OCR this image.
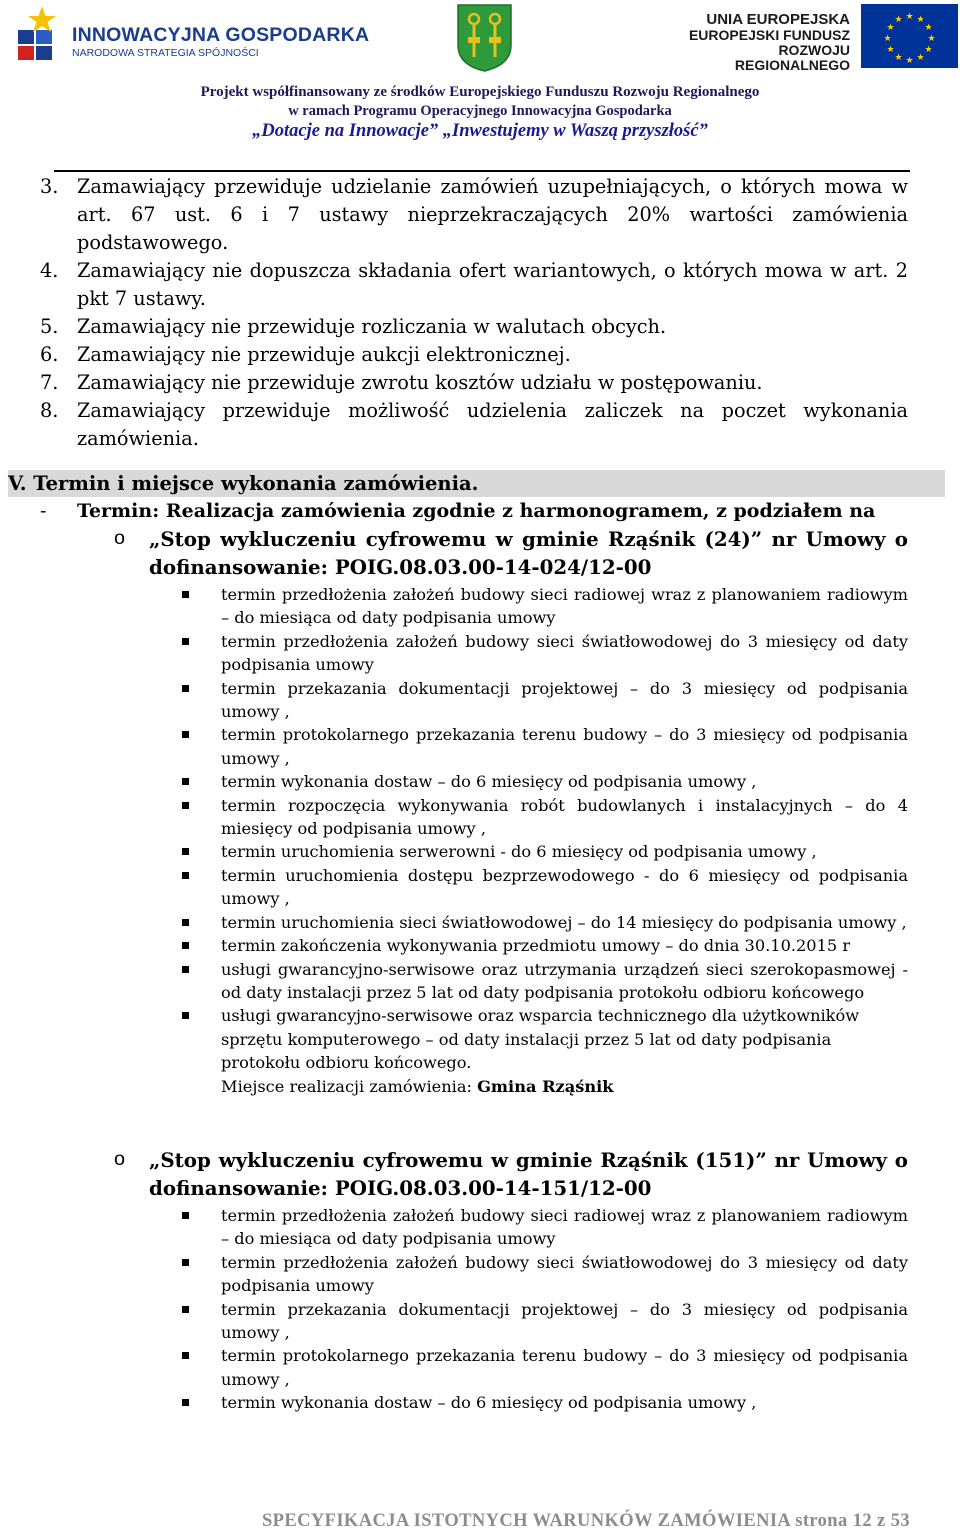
INNOWACYJNA GOSPODARKA
NARODOWA STRATEGIA SPÓJNOŚCI
UNIA EUROPEJSKA
EUROPEJSKI FUNDUSZ
ROZWOJU REGIONALNEGO
★ ★
★
★
★
★
★
★
★
★
★
★
Projekt współfinansowany ze środków Europejskiego Funduszu Rozwoju Regionalnego
w ramach Programu Operacyjnego Innowacyjna Gospodarka
„Dotacje na Innowacje” „Inwestujemy w Waszą przyszłość”
3. Zamawiający przewiduje udzielanie zamówień uzupełniających, o których mowa w art. 67 ust. 6 i 7 ustawy nieprzekraczających 20% wartości zamówienia podstawowego.
4. Zamawiający nie dopuszcza składania ofert wariantowych, o których mowa w art. 2 pkt 7 ustawy.
5. Zamawiający nie przewiduje rozliczania w walutach obcych.
6. Zamawiający nie przewiduje aukcji elektronicznej.
7. Zamawiający nie przewiduje zwrotu kosztów udziału w postępowaniu.
8. Zamawiający przewiduje możliwość udzielenia zaliczek na poczet wykonania zamówienia.
V. Termin i miejsce wykonania zamówienia.
- Termin: Realizacja zamówienia zgodnie z harmonogramem, z podziałem na
o „Stop wykluczeniu cyfrowemu w gminie Rząśnik (24)” nr Umowy o dofinansowanie: POIG.08.03.00-14-024/12-00
termin przedłożenia założeń budowy sieci radiowej wraz z planowaniem radiowym – do miesiąca od daty podpisania umowy
termin przedłożenia założeń budowy sieci światłowodowej do 3 miesięcy od daty podpisania umowy
termin przekazania dokumentacji projektowej – do 3 miesięcy od podpisania umowy ,
termin protokolarnego przekazania terenu budowy – do 3 miesięcy od podpisania umowy ,
termin wykonania dostaw – do 6 miesięcy od podpisania umowy ,
termin rozpoczęcia wykonywania robót budowlanych i instalacyjnych – do 4 miesięcy od podpisania umowy ,
termin uruchomienia serwerowni - do 6 miesięcy od podpisania umowy ,
termin uruchomienia dostępu bezprzewodowego - do 6 miesięcy od podpisania umowy ,
termin uruchomienia sieci światłowodowej – do 14 miesięcy do podpisania umowy ,
termin zakończenia wykonywania przedmiotu umowy – do dnia 30.10.2015 r
usługi gwarancyjno-serwisowe oraz utrzymania urządzeń sieci szerokopasmowej - od daty instalacji przez 5 lat od daty podpisania protokołu odbioru końcowego
usługi gwarancyjno-serwisowe oraz wsparcia technicznego dla użytkowników sprzętu komputerowego – od daty instalacji przez 5 lat od daty podpisania protokołu odbioru końcowego.
Miejsce realizacji zamówienia: Gmina Rząśnik
o „Stop wykluczeniu cyfrowemu w gminie Rząśnik (151)” nr Umowy o dofinansowanie: POIG.08.03.00-14-151/12-00
termin przedłożenia założeń budowy sieci radiowej wraz z planowaniem radiowym – do miesiąca od daty podpisania umowy
termin przedłożenia założeń budowy sieci światłowodowej do 3 miesięcy od daty podpisania umowy
termin przekazania dokumentacji projektowej – do 3 miesięcy od podpisania umowy ,
termin protokolarnego przekazania terenu budowy – do 3 miesięcy od podpisania umowy ,
termin wykonania dostaw – do 6 miesięcy od podpisania umowy ,
SPECYFIKACJA ISTOTNYCH WARUNKÓW ZAMÓWIENIA strona 12 z 53
